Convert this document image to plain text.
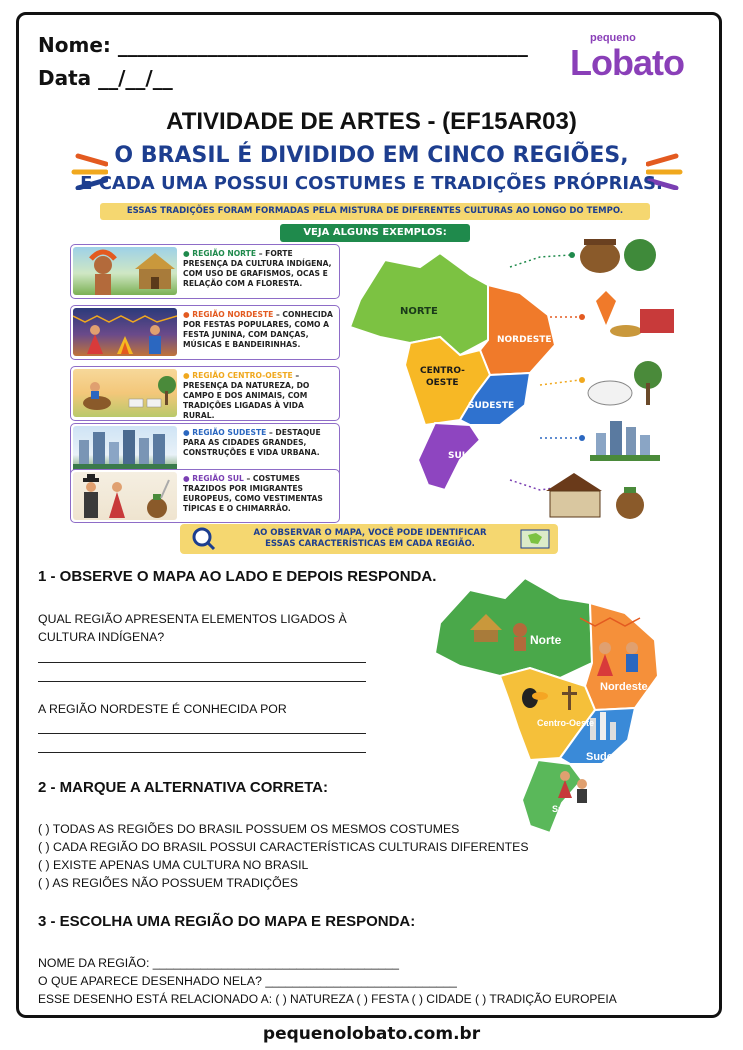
Nome: _________________________________________
Data __/__/__
pequeno
Lobato
ATIVIDADE DE ARTES - (EF15AR03)
O BRASIL É DIVIDIDO EM CINCO REGIÕES,
E CADA UMA POSSUI COSTUMES E TRADIÇÕES PRÓPRIAS.
ESSAS TRADIÇÕES FORAM FORMADAS PELA MISTURA DE DIFERENTES CULTURAS AO LONGO DO TEMPO.
VEJA ALGUNS EXEMPLOS:
● REGIÃO NORTE – FORTE PRESENÇA DA CULTURA INDÍGENA, COM USO DE GRAFISMOS, OCAS E RELAÇÃO COM A FLORESTA.
● REGIÃO NORDESTE – CONHECIDA POR FESTAS POPULARES, COMO A FESTA JUNINA, COM DANÇAS, MÚSICAS E BANDEIRINHAS.
● REGIÃO CENTRO-OESTE – PRESENÇA DA NATUREZA, DO CAMPO E DOS ANIMAIS, COM TRADIÇÕES LIGADAS À VIDA RURAL.
● REGIÃO SUDESTE – DESTAQUE PARA AS CIDADES GRANDES, CONSTRUÇÕES E VIDA URBANA.
● REGIÃO SUL – COSTUMES TRAZIDOS POR IMIGRANTES EUROPEUS, COMO VESTIMENTAS TÍPICAS E O CHIMARRÃO.
NORTE
NORDESTE
CENTRO-
OESTE
SUDESTE
SUL
AO OBSERVAR O MAPA, VOCÊ PODE IDENTIFICAR
ESSAS CARACTERÍSTICAS EM CADA REGIÃO.
1 - OBSERVE O MAPA AO LADO E DEPOIS RESPONDA.
QUAL REGIÃO APRESENTA ELEMENTOS LIGADOS À
CULTURA INDÍGENA?
A REGIÃO NORDESTE É CONHECIDA POR
Norte
Nordeste
Centro-Oeste
Sudeste
Sul
2 - MARQUE A ALTERNATIVA CORRETA:
( ) TODAS AS REGIÕES DO BRASIL POSSUEM OS MESMOS COSTUMES
( ) CADA REGIÃO DO BRASIL POSSUI CARACTERÍSTICAS CULTURAIS DIFERENTES
( ) EXISTE APENAS UMA CULTURA NO BRASIL
( ) AS REGIÕES NÃO POSSUEM TRADIÇÕES
3 - ESCOLHA UMA REGIÃO DO MAPA E RESPONDA:
NOME DA REGIÃO: ____________________________________
O QUE APARECE DESENHADO NELA? ____________________________
ESSE DESENHO ESTÁ RELACIONADO A: ( ) NATUREZA ( ) FESTA ( ) CIDADE ( ) TRADIÇÃO EUROPEIA
pequenolobato.com.br
